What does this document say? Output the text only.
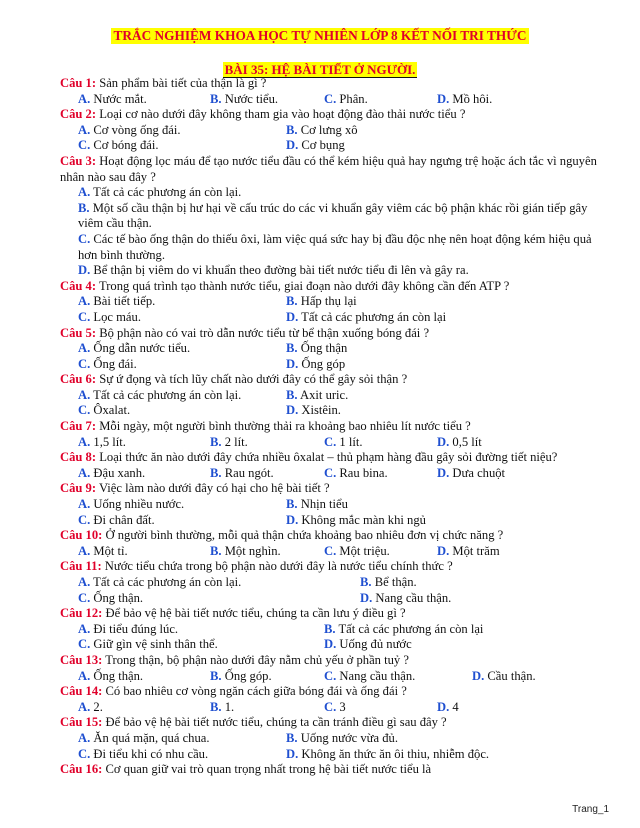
TRẮC NGHIỆM KHOA HỌC TỰ NHIÊN LỚP 8 KẾT NỐI TRI THỨC
BÀI 35: HỆ BÀI TIẾT Ở NGƯỜI.
Câu 1: Sản phẩm bài tiết của thận là gì ?
A. Nước mắt.	B. Nước tiểu.	C. Phân.	D. Mồ hôi.
Câu 2: Loại cơ nào dưới đây không tham gia vào hoạt động đào thải nước tiểu ?
A. Cơ vòng ống đái.	B. Cơ lưng xô
C. Cơ bóng đái.	D. Cơ bụng
Câu 3: Hoạt động lọc máu để tạo nước tiểu đầu có thể kém hiệu quả hay ngưng trệ hoặc ách tắc vì nguyên nhân nào sau đây ?
A. Tất cả các phương án còn lại.
B. Một số cầu thận bị hư hại về cấu trúc do các vi khuẩn gây viêm các bộ phận khác rồi gián tiếp gây viêm cầu thận.
C. Các tế bào ống thận do thiếu ôxi, làm việc quá sức hay bị đầu độc nhẹ nên hoạt động kém hiệu quả hơn bình thường.
D. Bể thận bị viêm do vi khuẩn theo đường bài tiết nước tiểu đi lên và gây ra.
Câu 4: Trong quá trình tạo thành nước tiểu, giai đoạn nào dưới đây không cần đến ATP ?
A. Bài tiết tiếp.	B. Hấp thụ lại
C. Lọc máu.	D. Tất cả các phương án còn lại
Câu 5: Bộ phận nào có vai trò dẫn nước tiểu từ bể thận xuống bóng đái ?
A. Ống dẫn nước tiểu.	B. Ống thận
C. Ống đái.	D. Ống góp
Câu 6: Sự ứ đọng và tích lũy chất nào dưới đây có thể gây sỏi thận ?
A. Tất cả các phương án còn lại.	B. Axit uric.
C. Ôxalat.	D. Xistêin.
Câu 7: Mỗi ngày, một người bình thường thải ra khoảng bao nhiêu lít nước tiểu ?
A. 1,5 lít.	B. 2 lít.	C. 1 lít.	D. 0,5 lít
Câu 8: Loại thức ăn nào dưới đây chứa nhiều ôxalat – thủ phạm hàng đầu gây sỏi đường tiết niệu?
A. Đậu xanh.	B. Rau ngót.	C. Rau bina.	D. Dưa chuột
Câu 9: Việc làm nào dưới đây có hại cho hệ bài tiết ?
A. Uống nhiều nước.	B. Nhịn tiểu
C. Đi chân đất.	D. Không mắc màn khi ngủ
Câu 10: Ở người bình thường, mỗi quả thận chứa khoảng bao nhiêu đơn vị chức năng ?
A. Một tỉ.	B. Một nghìn.	C. Một triệu.	D. Một trăm
Câu 11: Nước tiểu chứa trong bộ phận nào dưới đây là nước tiểu chính thức ?
A. Tất cả các phương án còn lại.	B. Bể thận.
C. Ống thận.	D. Nang cầu thận.
Câu 12: Để bảo vệ hệ bài tiết nước tiểu, chúng ta cần lưu ý điều gì ?
A. Đi tiểu đúng lúc.	B. Tất cả các phương án còn lại
C. Giữ gìn vệ sinh thân thể.	D. Uống đủ nước
Câu 13: Trong thận, bộ phận nào dưới đây nằm chủ yếu ở phần tuỷ ?
A. Ống thận.	B. Ống góp.	C. Nang cầu thận.	D. Cầu thận.
Câu 14: Có bao nhiêu cơ vòng ngăn cách giữa bóng đái và ống đái ?
A. 2.	B. 1.	C. 3	D. 4
Câu 15: Để bảo vệ hệ bài tiết nước tiểu, chúng ta cần tránh điều gì sau đây ?
A. Ăn quá mặn, quá chua.	B. Uống nước vừa đủ.
C. Đi tiểu khi có nhu cầu.	D. Không ăn thức ăn ôi thiu, nhiễm độc.
Câu 16: Cơ quan giữ vai trò quan trọng nhất trong hệ bài tiết nước tiểu là
Trang_1
